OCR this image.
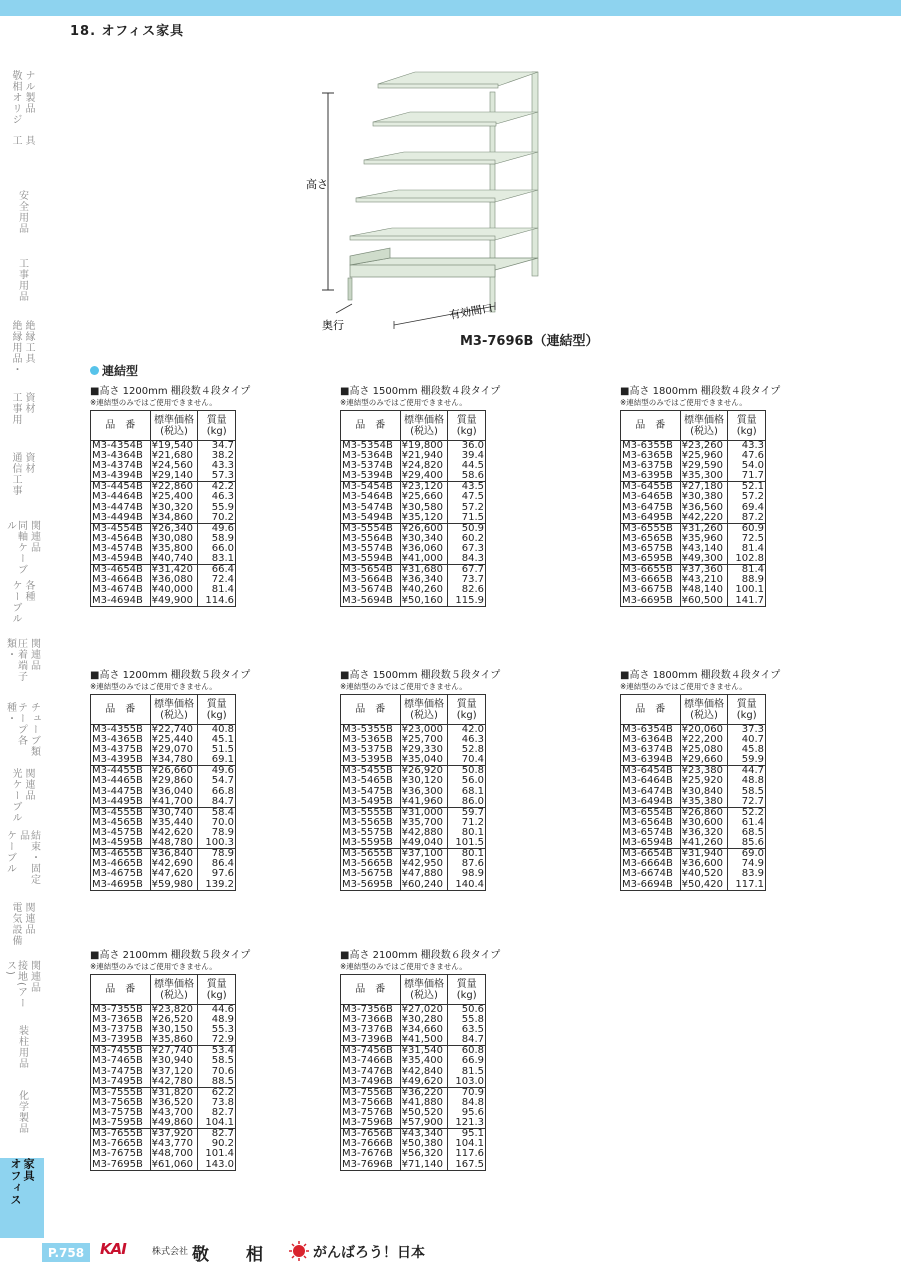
18. オフィス家具
敬相オリジ ナル製品
工 具
安全用品
工事用品
絶縁用品・ 絶縁工具
工事用 資材
通信工事 資材
同軸ケーブル	関連品
ケーブル 各種
圧着端子類・	関連品
テープ各種・	チューブ類
光ケーブル 関連品
ケーブル	結束・固定品
電気設備 関連品
接地(アース)	関連品
装柱用品
化学製品
オフィス 家具
高さ
奥行
有効間口
M3-7696B（連結型）
連結型
■高さ 1200mm 棚段数４段タイプ
※連結型のみではご使用できません。
品　番	標準価格
(税込)	質量
(kg)
M3-4354B	¥19,540	34.7
M3-4364B	¥21,680	38.2
M3-4374B	¥24,560	43.3
M3-4394B	¥29,140	57.3
M3-4454B	¥22,860	42.2
M3-4464B	¥25,400	46.3
M3-4474B	¥30,320	55.9
M3-4494B	¥34,860	70.2
M3-4554B	¥26,340	49.6
M3-4564B	¥30,080	58.9
M3-4574B	¥35,800	66.0
M3-4594B	¥40,740	83.1
M3-4654B	¥31,420	66.4
M3-4664B	¥36,080	72.4
M3-4674B	¥40,000	81.4
M3-4694B	¥49,900	114.6
■高さ 1500mm 棚段数４段タイプ
※連結型のみではご使用できません。
品　番	標準価格
(税込)	質量
(kg)
M3-5354B	¥19,800	36.0
M3-5364B	¥21,940	39.4
M3-5374B	¥24,820	44.5
M3-5394B	¥29,400	58.6
M3-5454B	¥23,120	43.5
M3-5464B	¥25,660	47.5
M3-5474B	¥30,580	57.2
M3-5494B	¥35,120	71.5
M3-5554B	¥26,600	50.9
M3-5564B	¥30,340	60.2
M3-5574B	¥36,060	67.3
M3-5594B	¥41,000	84.3
M3-5654B	¥31,680	67.7
M3-5664B	¥36,340	73.7
M3-5674B	¥40,260	82.6
M3-5694B	¥50,160	115.9
■高さ 1800mm 棚段数４段タイプ
※連結型のみではご使用できません。
品　番	標準価格
(税込)	質量
(kg)
M3-6355B	¥23,260	43.3
M3-6365B	¥25,960	47.6
M3-6375B	¥29,590	54.0
M3-6395B	¥35,300	71.7
M3-6455B	¥27,180	52.1
M3-6465B	¥30,380	57.2
M3-6475B	¥36,560	69.4
M3-6495B	¥42,220	87.2
M3-6555B	¥31,260	60.9
M3-6565B	¥35,960	72.5
M3-6575B	¥43,140	81.4
M3-6595B	¥49,300	102.8
M3-6655B	¥37,360	81.4
M3-6665B	¥43,210	88.9
M3-6675B	¥48,140	100.1
M3-6695B	¥60,500	141.7
■高さ 1200mm 棚段数５段タイプ
※連結型のみではご使用できません。
品　番	標準価格
(税込)	質量
(kg)
M3-4355B	¥22,740	40.8
M3-4365B	¥25,440	45.1
M3-4375B	¥29,070	51.5
M3-4395B	¥34,780	69.1
M3-4455B	¥26,660	49.6
M3-4465B	¥29,860	54.7
M3-4475B	¥36,040	66.8
M3-4495B	¥41,700	84.7
M3-4555B	¥30,740	58.4
M3-4565B	¥35,440	70.0
M3-4575B	¥42,620	78.9
M3-4595B	¥48,780	100.3
M3-4655B	¥36,840	78.9
M3-4665B	¥42,690	86.4
M3-4675B	¥47,620	97.6
M3-4695B	¥59,980	139.2
■高さ 1500mm 棚段数５段タイプ
※連結型のみではご使用できません。
品　番	標準価格
(税込)	質量
(kg)
M3-5355B	¥23,000	42.0
M3-5365B	¥25,700	46.3
M3-5375B	¥29,330	52.8
M3-5395B	¥35,040	70.4
M3-5455B	¥26,920	50.8
M3-5465B	¥30,120	56.0
M3-5475B	¥36,300	68.1
M3-5495B	¥41,960	86.0
M3-5555B	¥31,000	59.7
M3-5565B	¥35,700	71.2
M3-5575B	¥42,880	80.1
M3-5595B	¥49,040	101.5
M3-5655B	¥37,100	80.1
M3-5665B	¥42,950	87.6
M3-5675B	¥47,880	98.9
M3-5695B	¥60,240	140.4
■高さ 1800mm 棚段数４段タイプ
※連結型のみではご使用できません。
品　番	標準価格
(税込)	質量
(kg)
M3-6354B	¥20,060	37.3
M3-6364B	¥22,200	40.7
M3-6374B	¥25,080	45.8
M3-6394B	¥29,660	59.9
M3-6454B	¥23,380	44.7
M3-6464B	¥25,920	48.8
M3-6474B	¥30,840	58.5
M3-6494B	¥35,380	72.7
M3-6554B	¥26,860	52.2
M3-6564B	¥30,600	61.4
M3-6574B	¥36,320	68.5
M3-6594B	¥41,260	85.6
M3-6654B	¥31,940	69.0
M3-6664B	¥36,600	74.9
M3-6674B	¥40,520	83.9
M3-6694B	¥50,420	117.1
■高さ 2100mm 棚段数５段タイプ
※連結型のみではご使用できません。
品　番	標準価格
(税込)	質量
(kg)
M3-7355B	¥23,820	44.6
M3-7365B	¥26,520	48.9
M3-7375B	¥30,150	55.3
M3-7395B	¥35,860	72.9
M3-7455B	¥27,740	53.4
M3-7465B	¥30,940	58.5
M3-7475B	¥37,120	70.6
M3-7495B	¥42,780	88.5
M3-7555B	¥31,820	62.2
M3-7565B	¥36,520	73.8
M3-7575B	¥43,700	82.7
M3-7595B	¥49,860	104.1
M3-7655B	¥37,920	82.7
M3-7665B	¥43,770	90.2
M3-7675B	¥48,700	101.4
M3-7695B	¥61,060	143.0
■高さ 2100mm 棚段数６段タイプ
※連結型のみではご使用できません。
品　番	標準価格
(税込)	質量
(kg)
M3-7356B	¥27,020	50.6
M3-7366B	¥30,280	55.8
M3-7376B	¥34,660	63.5
M3-7396B	¥41,500	84.7
M3-7456B	¥31,540	60.8
M3-7466B	¥35,400	66.9
M3-7476B	¥42,840	81.5
M3-7496B	¥49,620	103.0
M3-7556B	¥36,220	70.9
M3-7566B	¥41,880	84.8
M3-7576B	¥50,520	95.6
M3-7596B	¥57,900	121.3
M3-7656B	¥43,340	95.1
M3-7666B	¥50,380	104.1
M3-7676B	¥56,320	117.6
M3-7696B	¥71,140	167.5
P.758	KAI	株式会社 敬 相	がんばろう！日本
